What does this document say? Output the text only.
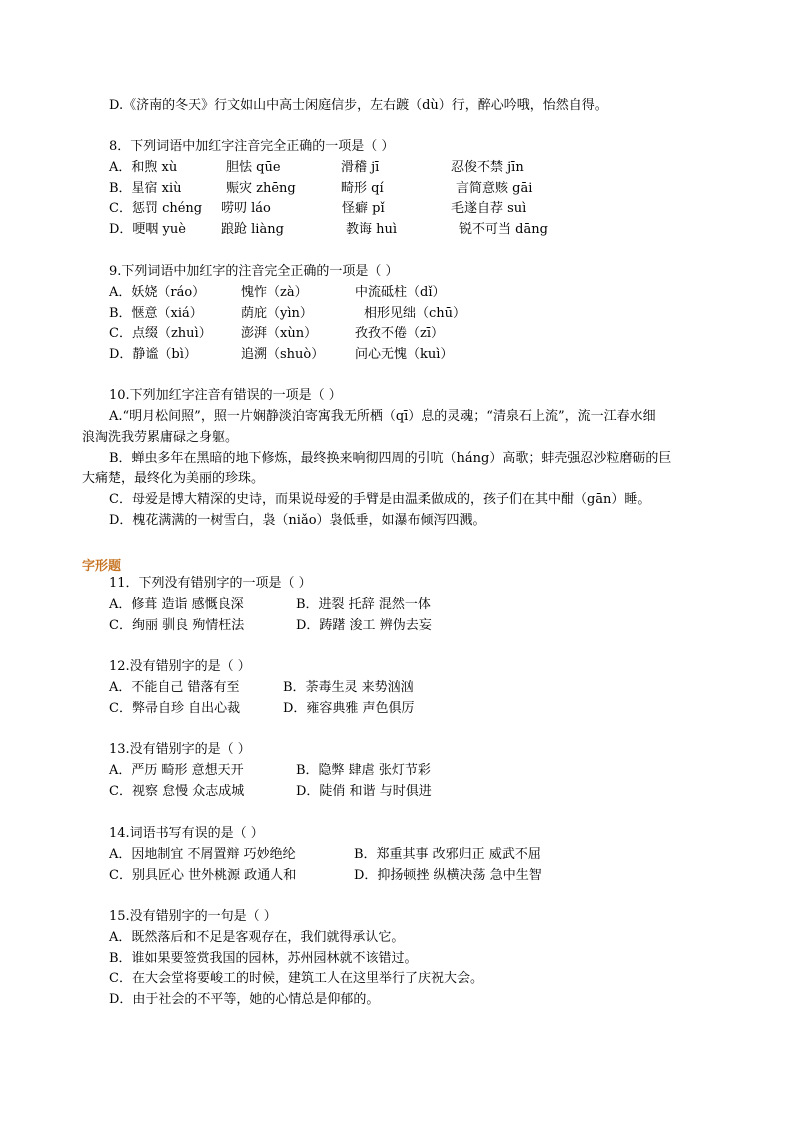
D.《济南的冬天》行文如山中高士闲庭信步，左右踱（dù）行，醉心吟哦，怡然自得。
8．下列词语中加红字注音完全正确的一项是（ ）
A．和煦 xù	胆怯 qūe	滑稽 jī	忍俊不禁 jīn
B．星宿 xiù	赈灾 zhēng	畸形 qí	言简意赅 gāi
C．惩罚 chéng 唠叨 láo	怪癖 pǐ	毛遂自荐 suì
D．哽咽 yuè	踉跄 liàng	教诲 huì	锐不可当 dāng
9.下列词语中加红字的注音完全正确的一项是（ ）
A．妖娆（ráo）	愧怍（zà）	中流砥柱（dǐ）
B．惬意（xiá）	荫庇（yìn）	相形见绌（chū）
C．点缀（zhuì） 澎湃（xùn）	孜孜不倦（zī）
D．静谧（bì）	追溯（shuò） 问心无愧（kuì）
10.下列加红字注音有错误的一项是（ ）
A.“明月松间照”，照一片娴静淡泊寄寓我无所栖（qī）息的灵魂；“清泉石上流”，流一江春水细
浪淘洗我劳累庸碌之身躯。
B．蝉虫多年在黑暗的地下修炼，最终换来响彻四周的引吭（háng）高歌；蚌壳强忍沙粒磨砺的巨
大痛楚，最终化为美丽的珍珠。
C．母爱是博大精深的史诗，而果说母爱的手臂是由温柔做成的，孩子们在其中酣（gān）睡。
D．槐花满满的一树雪白，袅（niǎo）袅低垂，如瀑布倾泻四溅。
字形题
11．下列没有错别字的一项是（ ）
A．修葺 造诣 感慨良深	B．进裂 托辞 混然一体
C．绚丽 驯良 殉情枉法	D．踌躇 浚工 辨伪去妄
12.没有错别字的是（ ）
A．不能自己 错落有至	B．荼毒生灵 来势汹汹
C．弊帚自珍 自出心裁	D．雍容典雅 声色俱厉
13.没有错别字的是（ ）
A．严历 畸形 意想天开	B．隐弊 肆虐 张灯节彩
C．视察 怠慢 众志成城	D．陡俏 和谐 与时俱进
14.词语书写有误的是（ ）
A．因地制宜 不屑置辩 巧妙绝纶	B．郑重其事 改邪归正 威武不屈
C．别具匠心 世外桃源 政通人和	D．抑扬顿挫 纵横决荡 急中生智
15.没有错别字的一句是（ ）
A．既然落后和不足是客观存在，我们就得承认它。
B．谁如果要签赏我国的园林，苏州园林就不该错过。
C．在大会堂将要峻工的时候，建筑工人在这里举行了庆祝大会。
D．由于社会的不平等，她的心情总是仰郁的。
